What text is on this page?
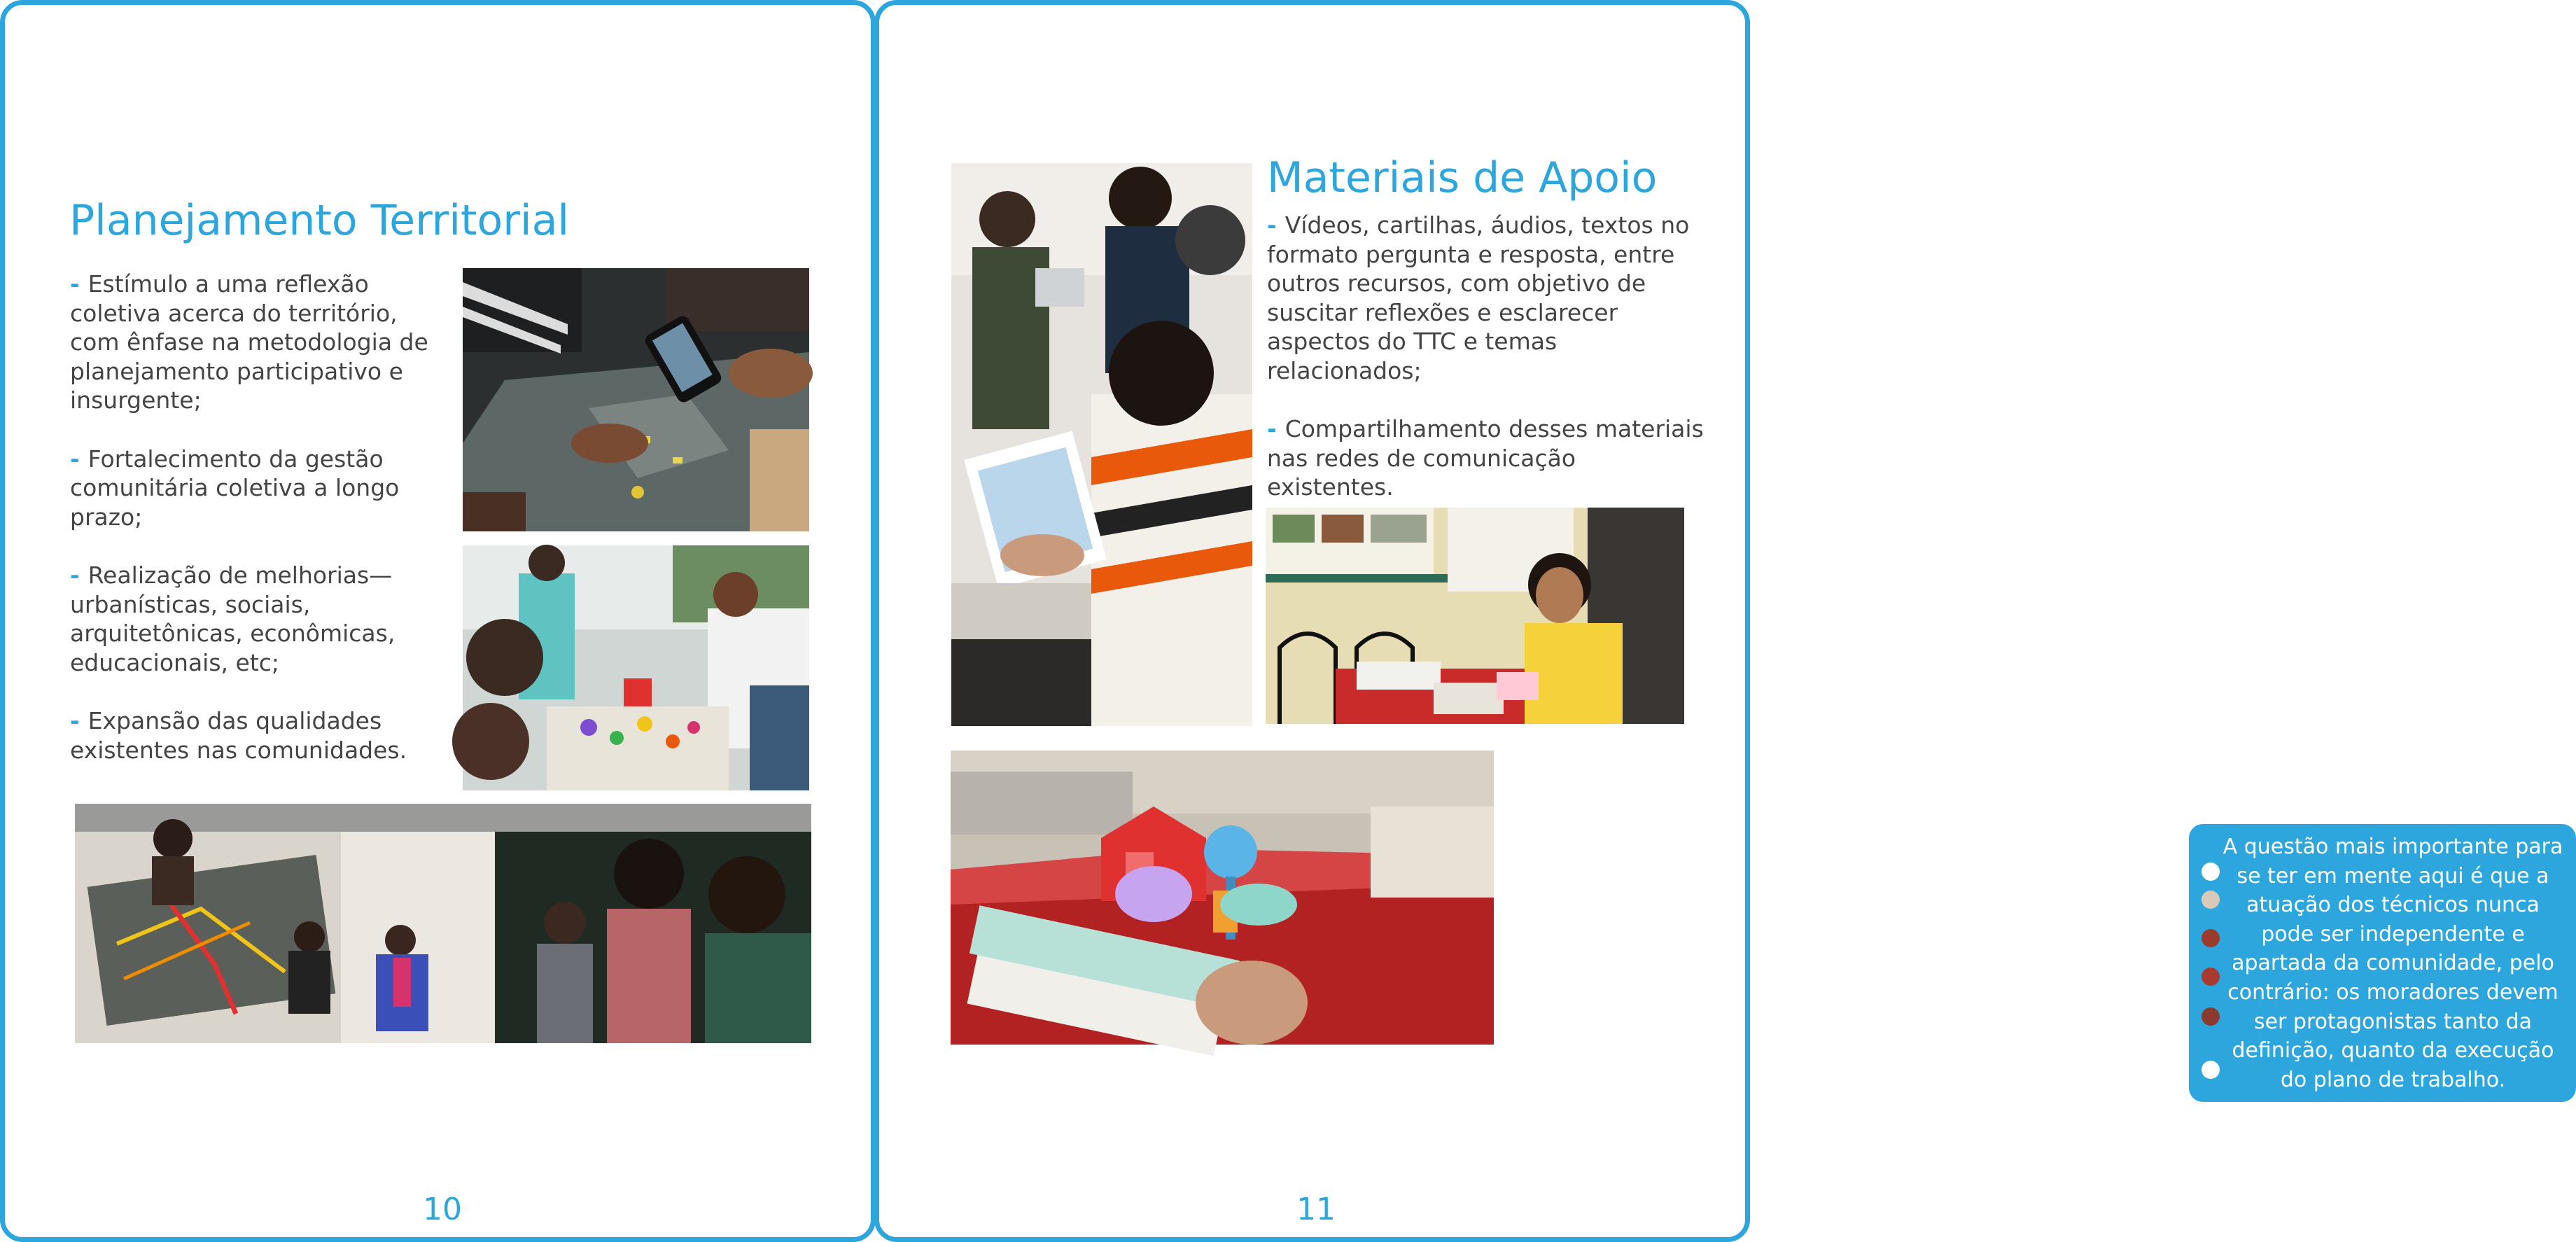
Planejamento Territorial
- Estímulo a uma reflexão coletiva acerca do território, com ênfase na metodologia de planejamento participativo e insurgente;
- Fortalecimento da gestão comunitária coletiva a longo prazo;
- Realização de melhorias— urbanísticas, sociais, arquitetônicas, econômicas, educacionais, etc;
- Expansão das qualidades existentes nas comunidades.
10
Materiais de Apoio
- Vídeos, cartilhas, áudios, textos no formato pergunta e resposta, entre outros recursos, com objetivo de suscitar reflexões e esclarecer aspectos do TTC e temas relacionados;
- Compartilhamento desses materiais nas redes de comunicação existentes.
A questão mais importante para se ter em mente aqui é que a atuação dos técnicos nunca pode ser independente e apartada da comunidade, pelo contrário: os moradores devem ser protagonistas tanto da definição, quanto da execução do plano de trabalho.
11
